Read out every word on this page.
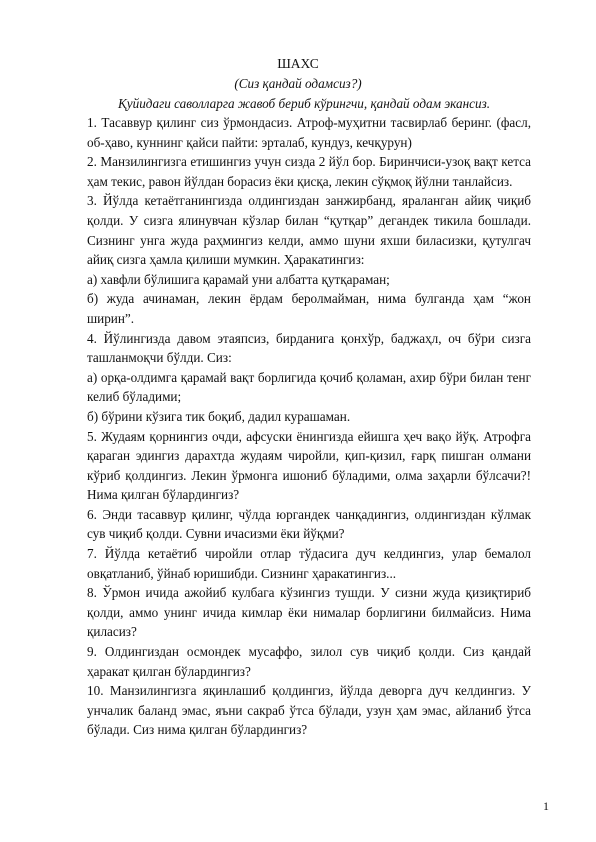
ШАХС
(Сиз қандай одамсиз?)
Қуйидаги саволларга жавоб бериб кўрингчи, қандай одам экансиз.

1. Тасаввур қилинг сиз ўрмондасиз. Атроф-муҳитни тасвирлаб беринг. (фасл, об-ҳаво, куннинг қайси пайти: эрталаб, кундуз, кечқурун)

2. Манзилингизга етишингиз учун сизда 2 йўл бор. Биринчиси-узоқ вақт кетса ҳам текис, равон йўлдан борасиз ёки қисқа, лекин сўқмоқ йўлни танлайсиз.

3. Йўлда кетаётганингизда олдингиздан занжирбанд, яраланган айиқ чиқиб қолди. У сизга ялинувчан кўзлар билан “қутқар” дегандек тикила бошлади. Сизнинг унга жуда раҳмингиз келди, аммо шуни яхши биласизки, қутулгач айиқ сизга ҳамла қилиши мумкин. Ҳаракатингиз:

а) хавфли бўлишига қарамай уни албатта қутқараман;

б) жуда ачинаман, лекин ёрдам беролмайман, нима булганда ҳам “жон ширин”.

4. Йўлингизда давом этаяпсиз, бирданига қонхўр, баджаҳл, оч бўри сизга ташланмоқчи бўлди. Сиз:

а) орқа-олдимга қарамай вақт борлигида қочиб қоламан, ахир бўри билан тенг келиб бўладими;

б) бўрини кўзига тик боқиб, дадил курашаман.

5. Жудаям қорнингиз очди, афсуски ёнингизда ейишга ҳеч вақо йўқ. Атрофга қараган эдингиз дарахтда жудаям чиройли, қип-қизил, ғарқ пишган олмани кўриб қолдингиз. Лекин ўрмонга ишониб бўладими, олма заҳарли бўлсачи?! Нима қилган бўлардингиз?

6. Энди тасаввур қилинг, чўлда юргандек чанқадингиз, олдингиздан кўлмак сув чиқиб қолди. Сувни ичасизми ёки йўқми?

7. Йўлда кетаётиб чиройли отлар тўдасига дуч келдингиз, улар бемалол овқатланиб, ўйнаб юришибди. Сизнинг ҳаракатингиз...

8. Ўрмон ичида ажойиб кулбага кўзингиз тушди. У сизни жуда қизиқтириб қолди, аммо унинг ичида кимлар ёки нималар борлигини билмайсиз. Нима қиласиз?

9. Олдингиздан осмондек мусаффо, зилол сув чиқиб қолди. Сиз қандай ҳаракат қилган бўлардингиз?

10. Манзилингизга яқинлашиб қолдингиз, йўлда деворга дуч келдингиз. У унчалик баланд эмас, яъни сакраб ўтса бўлади, узун ҳам эмас, айланиб ўтса бўлади. Сиз нима қилган бўлардингиз?

1
